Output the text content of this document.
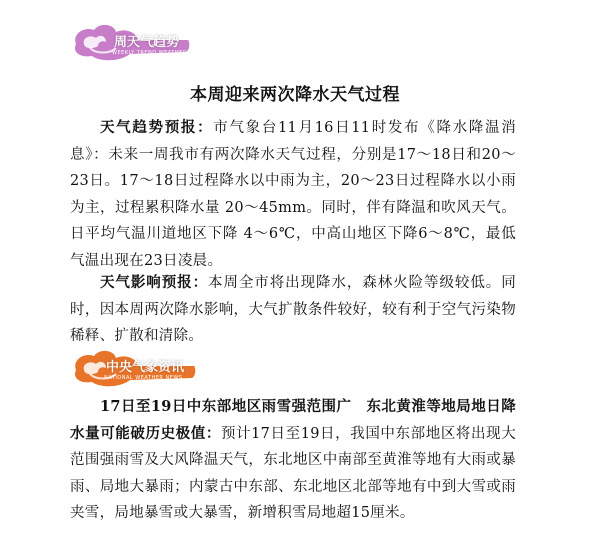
周天气趋势
WEEKLY TREND WEATHER
本周迎来两次降水天气过程
天气趋势预报：市气象台11月16日11时发布《降水降温消息》：未来一周我市有两次降水天气过程，分别是17～18日和20～23日。17～18日过程降水以中雨为主，20～23日过程降水以小雨为主，过程累积降水量 20～45mm。同时，伴有降温和吹风天气。日平均气温川道地区下降 4～6℃，中高山地区下降6～8℃，最低气温出现在23日凌晨。
天气影响预报：本周全市将出现降水，森林火险等级较低。同时，因本周两次降水影响，大气扩散条件较好，较有利于空气污染物稀释、扩散和清除。
中央气象资讯
NATIONAL WEATHER NEWS
17日至19日中东部地区雨雪强范围广　东北黄淮等地局地日降水量可能破历史极值：预计17日至19日，我国中东部地区将出现大范围强雨雪及大风降温天气，东北地区中南部至黄淮等地有大雨或暴雨、局地大暴雨；内蒙古中东部、东北地区北部等地有中到大雪或雨夹雪，局地暴雪或大暴雪，新增积雪局地超15厘米。
